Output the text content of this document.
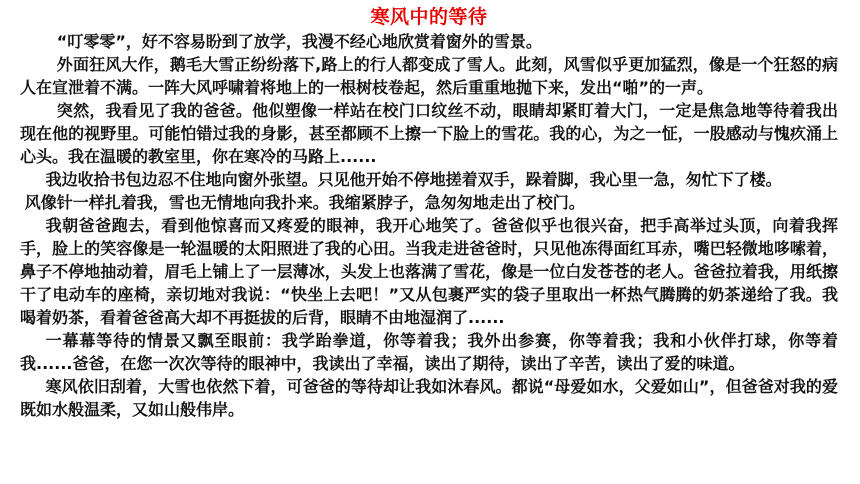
寒风中的等待

“叮零零”，好不容易盼到了放学，我漫不经心地欣赏着窗外的雪景。

外面狂风大作，鹅毛大雪正纷纷落下,路上的行人都变成了雪人。此刻，风雪似乎更加猛烈，像是一个狂怒的病人在宣泄着不满。一阵大风呼啸着将地上的一根树枝卷起，然后重重地抛下来，发出“啪”的一声。

突然，我看见了我的爸爸。他似塑像一样站在校门口纹丝不动，眼睛却紧盯着大门，一定是焦急地等待着我出现在他的视野里。可能怕错过我的身影，甚至都顾不上擦一下脸上的雪花。我的心，为之一怔，一股感动与愧疚涌上心头。我在温暖的教室里，你在寒冷的马路上......

我边收拾书包边忍不住地向窗外张望。只见他开始不停地搓着双手，跺着脚，我心里一急，匆忙下了楼。

风像针一样扎着我，雪也无情地向我扑来。我缩紧脖子，急匆匆地走出了校门。

我朝爸爸跑去，看到他惊喜而又疼爱的眼神，我开心地笑了。爸爸似乎也很兴奋，把手高举过头顶，向着我挥手，脸上的笑容像是一轮温暖的太阳照进了我的心田。当我走进爸爸时，只见他冻得面红耳赤，嘴巴轻微地哆嗦着，鼻子不停地抽动着，眉毛上铺上了一层薄冰，头发上也落满了雪花，像是一位白发苍苍的老人。爸爸拉着我，用纸擦干了电动车的座椅，亲切地对我说：“快坐上去吧！”又从包裹严实的袋子里取出一杯热气腾腾的奶茶递给了我。我喝着奶茶，看着爸爸高大却不再挺拔的后背，眼睛不由地湿润了......

一幕幕等待的情景又飘至眼前：我学跆拳道，你等着我；我外出参赛，你等着我；我和小伙伴打球，你等着我......爸爸，在您一次次等待的眼神中，我读出了幸福，读出了期待，读出了辛苦，读出了爱的味道。

寒风依旧刮着，大雪也依然下着，可爸爸的等待却让我如沐春风。都说“母爱如水，父爱如山”，但爸爸对我的爱既如水般温柔，又如山般伟岸。
